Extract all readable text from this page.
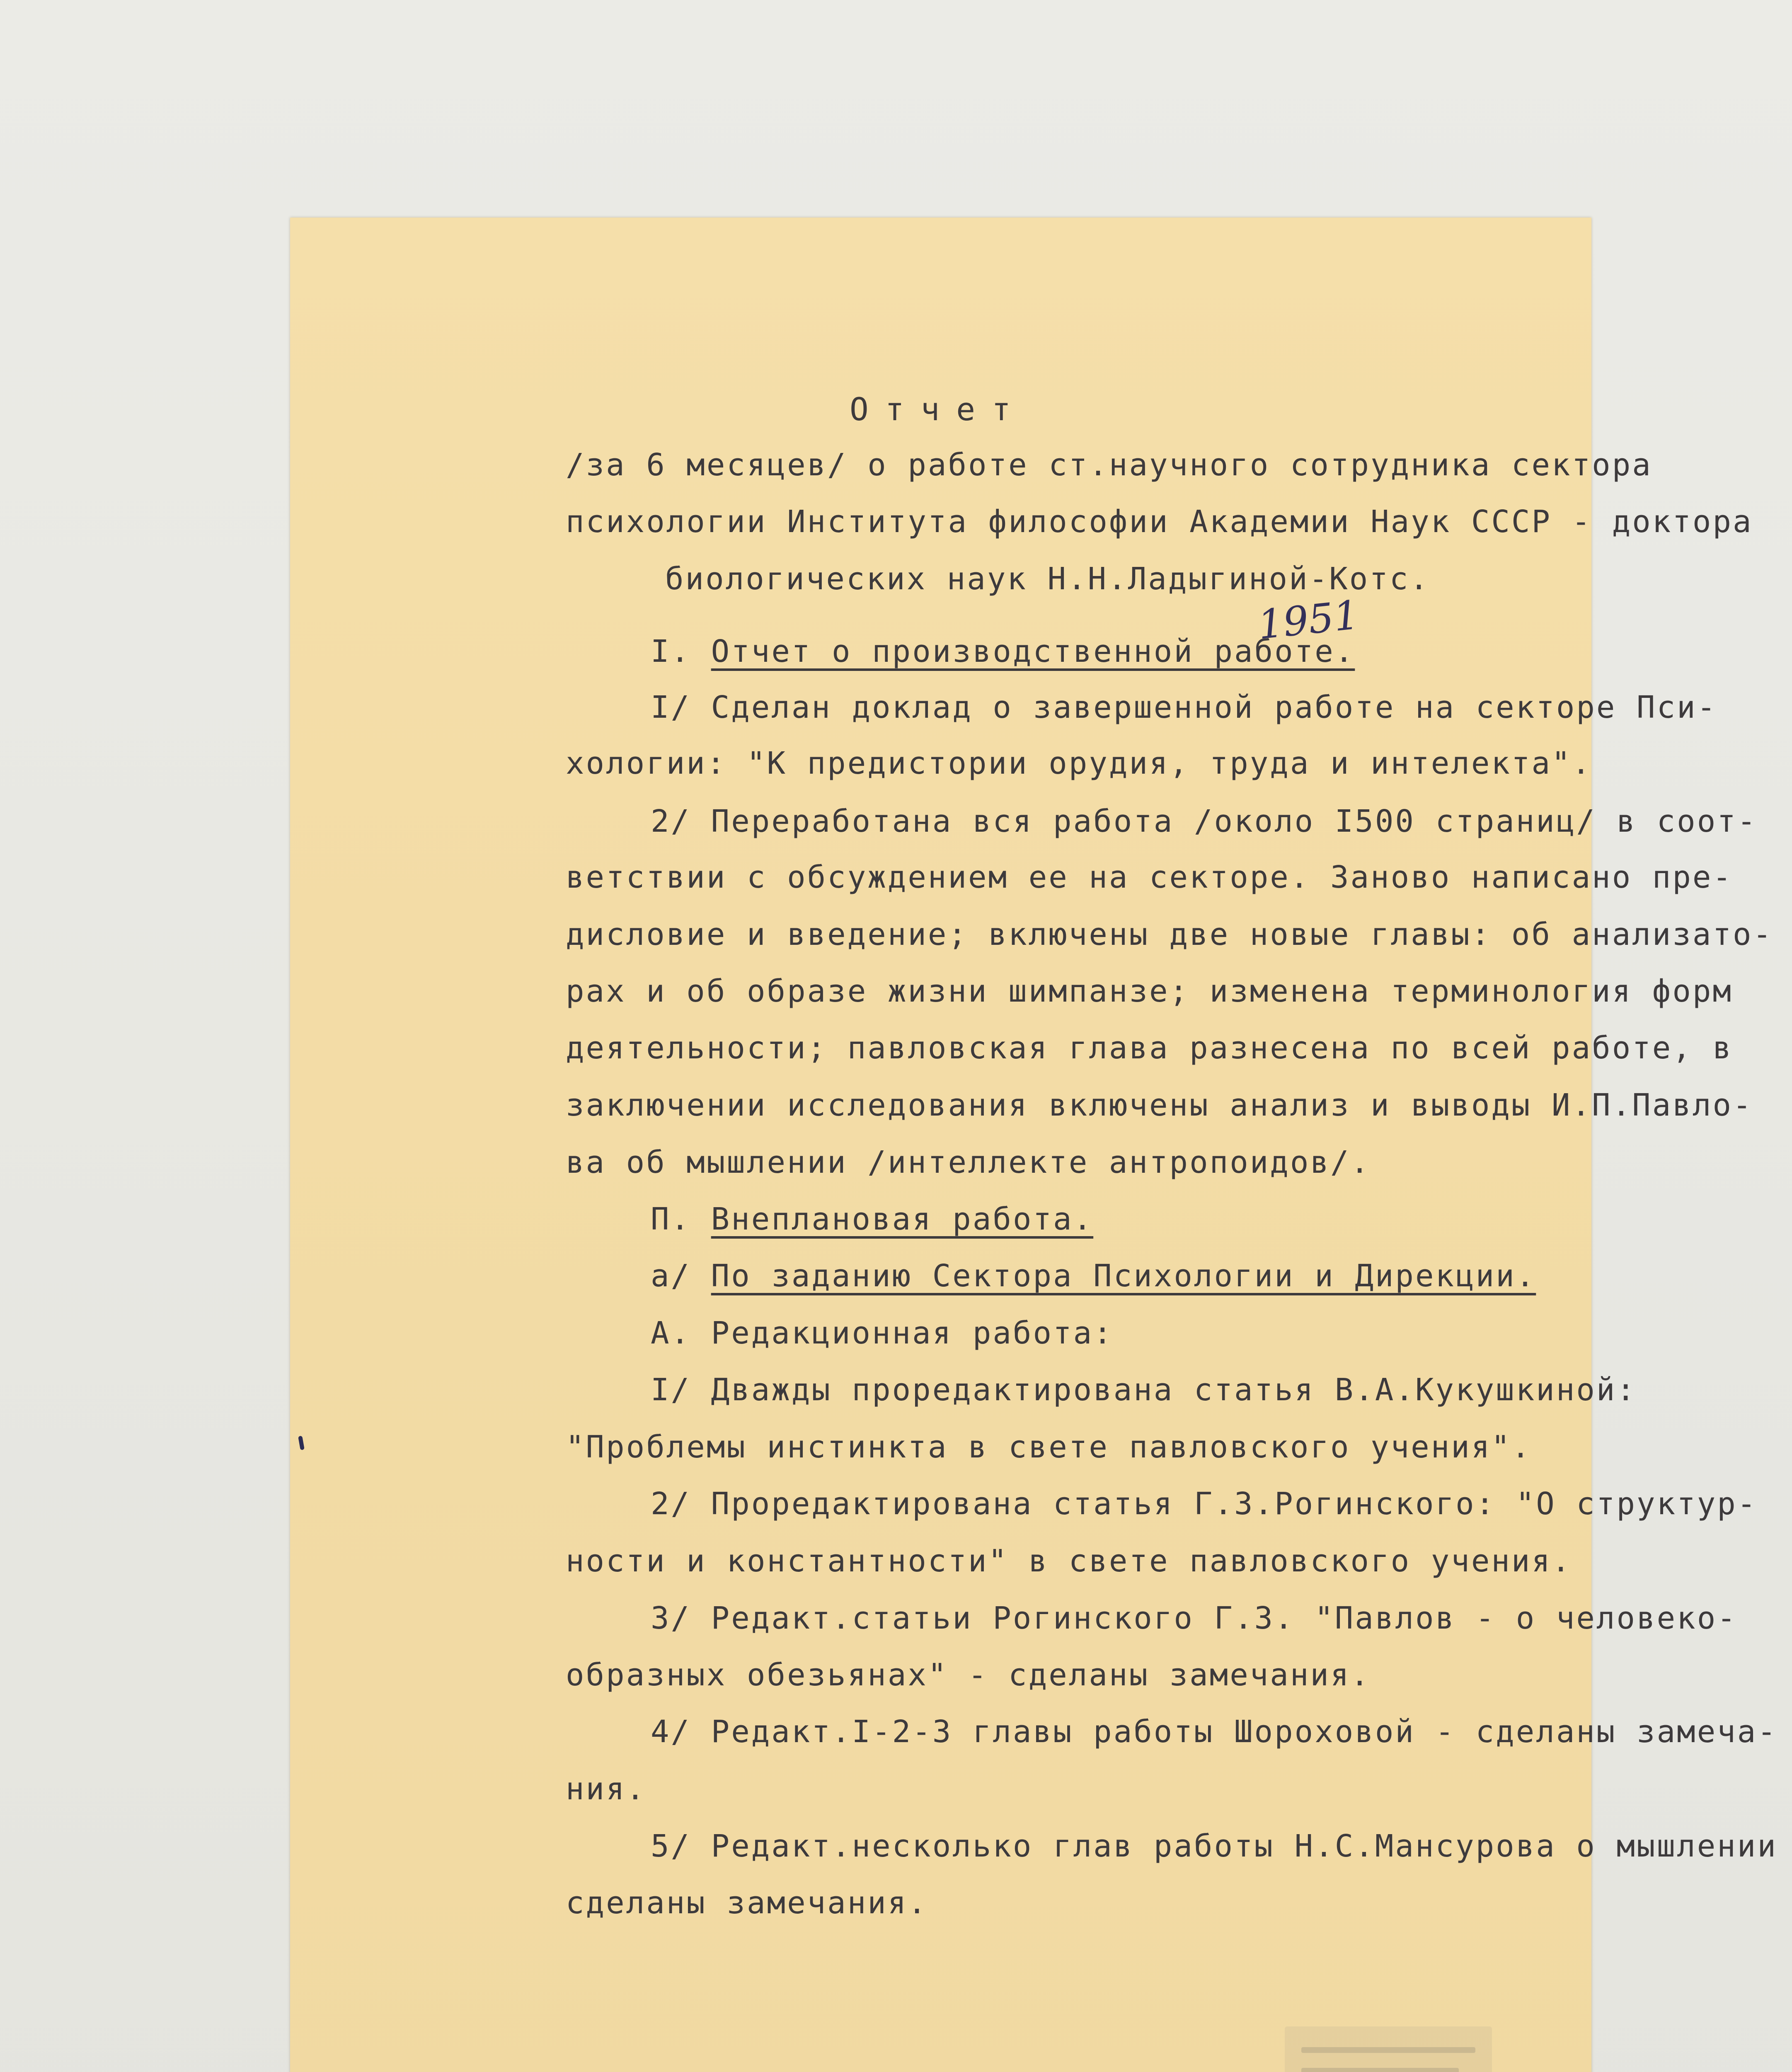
Отчет
/за 6 месяцев/ о работе ст.научного сотрудника сектора
психологии Института философии Академии Наук СССР - доктора
биологических наук Н.Н.Ладыгиной-Котс.
1951
I. Отчет о производственной работе.
I/ Сделан доклад о завершенной работе на секторе Пси-
хологии: "К предистории орудия, труда и интелекта".
2/ Переработана вся работа /около I500 страниц/ в соот-
ветствии с обсуждением ее на секторе. Заново написано пре-
дисловие и введение; включены две новые главы: об анализато-
рах и об образе жизни шимпанзе; изменена терминология форм
деятельности; павловская глава разнесена по всей работе, в
заключении исследования включены анализ и выводы И.П.Павло-
ва об мышлении /интеллекте антропоидов/.
П. Внеплановая работа.
а/ По заданию Сектора Психологии и Дирекции.
А. Редакционная работа:
I/ Дважды проредактирована статья В.А.Кукушкиной:
"Проблемы инстинкта в свете павловского учения".
2/ Проредактирована статья Г.З.Рогинского: "О структур-
ности и константности" в свете павловского учения.
3/ Редакт.статьи Рогинского Г.З. "Павлов - о человеко-
образных обезьянах" - сделаны замечания.
4/ Редакт.I-2-3 главы работы Шороховой - сделаны замеча-
ния.
5/ Редакт.несколько глав работы Н.С.Мансурова о мышлении
сделаны замечания.
